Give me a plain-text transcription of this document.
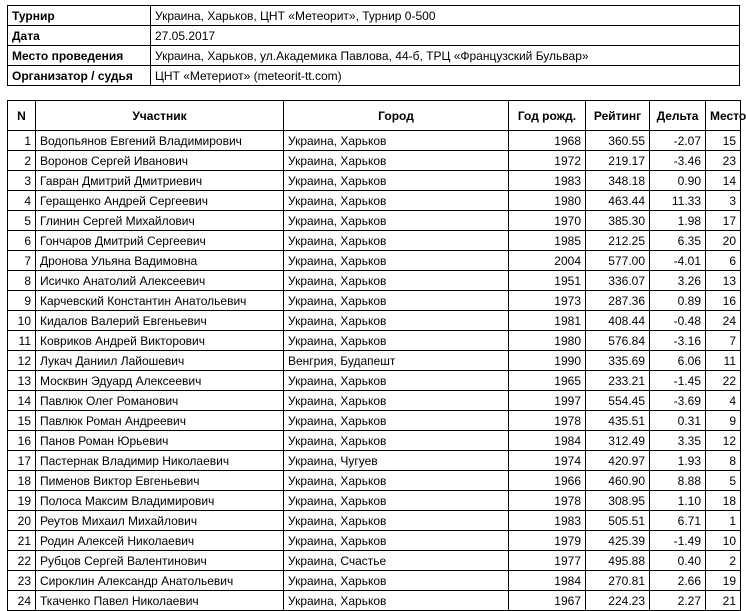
Турнир	Украина, Харьков, ЦНТ «Метеорит», Турнир 0-500
Дата	27.05.2017
Место проведения	Украина, Харьков, ул.Академика Павлова, 44-б, ТРЦ «Французский Бульвар»
Организатор / судья	ЦНТ «Метериот» (meteorit-tt.com)
N	Участник	Город	Год рожд.	Рейтинг	Дельта	Место
1	Водопьянов Евгений Владимирович	Украина, Харьков	1968	360.55	-2.07	15
2	Воронов Сергей Иванович	Украина, Харьков	1972	219.17	-3.46	23
3	Гавран Дмитрий Дмитриевич	Украина, Харьков	1983	348.18	0.90	14
4	Геращенко Андрей Сергеевич	Украина, Харьков	1980	463.44	11.33	3
5	Глинин Сергей Михайлович	Украина, Харьков	1970	385.30	1.98	17
6	Гончаров Дмитрий Сергеевич	Украина, Харьков	1985	212.25	6.35	20
7	Дронова Ульяна Вадимовна	Украина, Харьков	2004	577.00	-4.01	6
8	Исичко Анатолий Алексеевич	Украина, Харьков	1951	336.07	3.26	13
9	Карчевский Константин Анатольевич	Украина, Харьков	1973	287.36	0.89	16
10	Кидалов Валерий Евгеньевич	Украина, Харьков	1981	408.44	-0.48	24
11	Ковриков Андрей Викторович	Украина, Харьков	1980	576.84	-3.16	7
12	Лукач Даниил Лайошевич	Венгрия, Будапешт	1990	335.69	6.06	11
13	Москвин Эдуард Алексеевич	Украина, Харьков	1965	233.21	-1.45	22
14	Павлюк Олег Романович	Украина, Харьков	1997	554.45	-3.69	4
15	Павлюк Роман Андреевич	Украина, Харьков	1978	435.51	0.31	9
16	Панов Роман Юрьевич	Украина, Харьков	1984	312.49	3.35	12
17	Пастернак Владимир Николаевич	Украина, Чугуев	1974	420.97	1.93	8
18	Пименов Виктор Евгеньевич	Украина, Харьков	1966	460.90	8.88	5
19	Полоса Максим Владимирович	Украина, Харьков	1978	308.95	1.10	18
20	Реутов Михаил Михайлович	Украина, Харьков	1983	505.51	6.71	1
21	Родин Алексей Николаевич	Украина, Харьков	1979	425.39	-1.49	10
22	Рубцов Сергей Валентинович	Украина, Счастье	1977	495.88	0.40	2
23	Сироклин Александр Анатольевич	Украина, Харьков	1984	270.81	2.66	19
24	Ткаченко Павел Николаевич	Украина, Харьков	1967	224.23	2.27	21
